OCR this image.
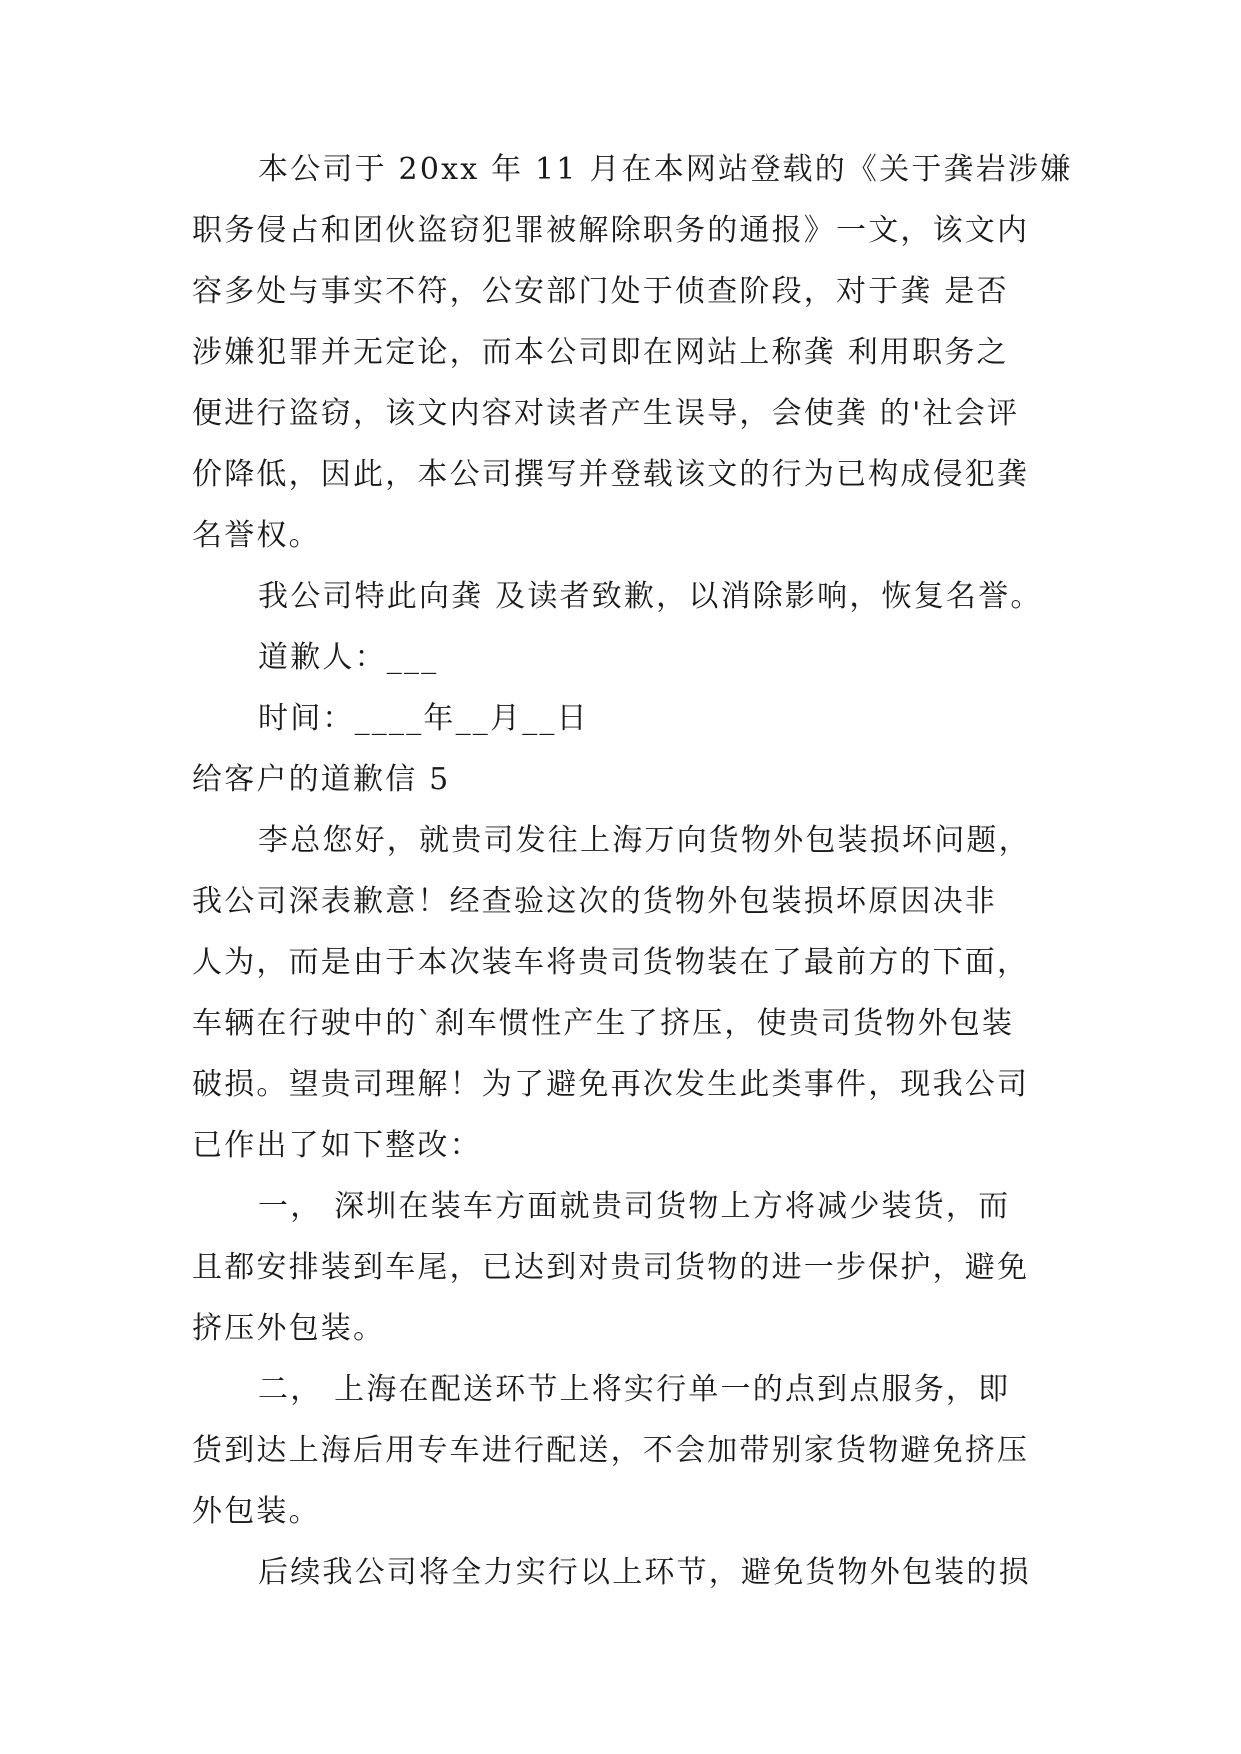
本公司于 20xx 年 11 月在本网站登载的《关于龚岩涉嫌
职务侵占和团伙盗窃犯罪被解除职务的通报》一文，该文内
容多处与事实不符，公安部门处于侦查阶段，对于龚 是否
涉嫌犯罪并无定论，而本公司即在网站上称龚 利用职务之
便进行盗窃，该文内容对读者产生误导，会使龚 的'社会评
价降低，因此，本公司撰写并登载该文的行为已构成侵犯龚
名誉权。
我公司特此向龚 及读者致歉，以消除影响，恢复名誉。
道歉人：___
时间：____年__月__日
给客户的道歉信 5
李总您好，就贵司发往上海万向货物外包装损坏问题，
我公司深表歉意！经查验这次的货物外包装损坏原因决非
人为，而是由于本次装车将贵司货物装在了最前方的下面，
车辆在行驶中的`刹车惯性产生了挤压，使贵司货物外包装
破损。望贵司理解！为了避免再次发生此类事件，现我公司
已作出了如下整改：
一， 深圳在装车方面就贵司货物上方将减少装货，而
且都安排装到车尾，已达到对贵司货物的进一步保护，避免
挤压外包装。
二， 上海在配送环节上将实行单一的点到点服务，即
货到达上海后用专车进行配送，不会加带别家货物避免挤压
外包装。
后续我公司将全力实行以上环节，避免货物外包装的损
